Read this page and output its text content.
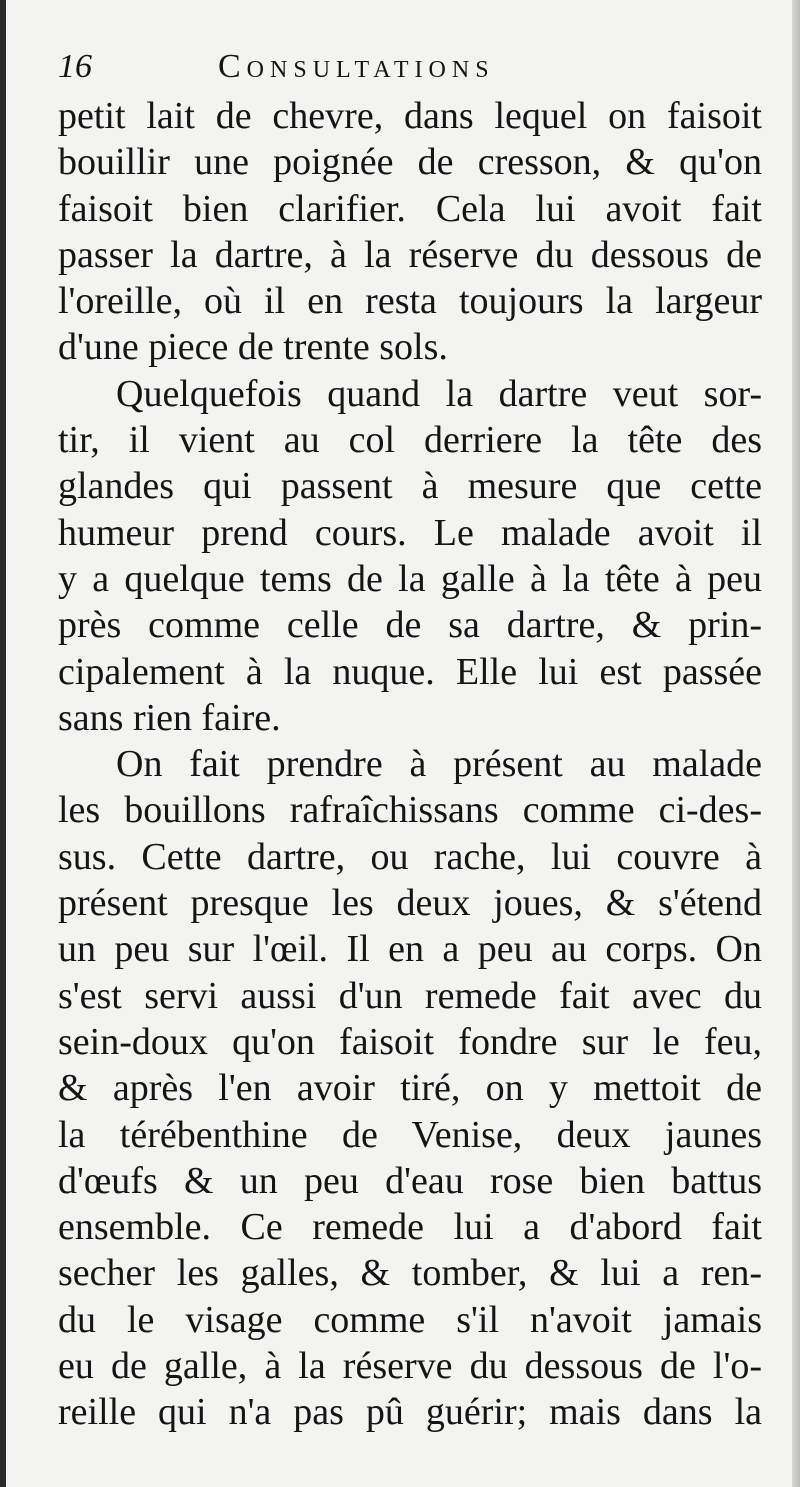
16	Consultations
petit lait de chevre, dans lequel on faisoit
bouillir une poignée de cresson, & qu'on
faisoit bien clarifier. Cela lui avoit fait
passer la dartre, à la réserve du dessous de
l'oreille, où il en resta toujours la largeur
d'une piece de trente sols.
Quelquefois quand la dartre veut sor-
tir, il vient au col derriere la tête des
glandes qui passent à mesure que cette
humeur prend cours. Le malade avoit il
y a quelque tems de la galle à la tête à peu
près comme celle de sa dartre, & prin-
cipalement à la nuque. Elle lui est passée
sans rien faire.
On fait prendre à présent au malade
les bouillons rafraîchissans comme ci-des-
sus. Cette dartre, ou rache, lui couvre à
présent presque les deux joues, & s'étend
un peu sur l'œil. Il en a peu au corps. On
s'est servi aussi d'un remede fait avec du
sein-doux qu'on faisoit fondre sur le feu,
& après l'en avoir tiré, on y mettoit de
la térébenthine de Venise, deux jaunes
d'œufs & un peu d'eau rose bien battus
ensemble. Ce remede lui a d'abord fait
secher les galles, & tomber, & lui a ren-
du le visage comme s'il n'avoit jamais
eu de galle, à la réserve du dessous de l'o-
reille qui n'a pas pû guérir; mais dans la
